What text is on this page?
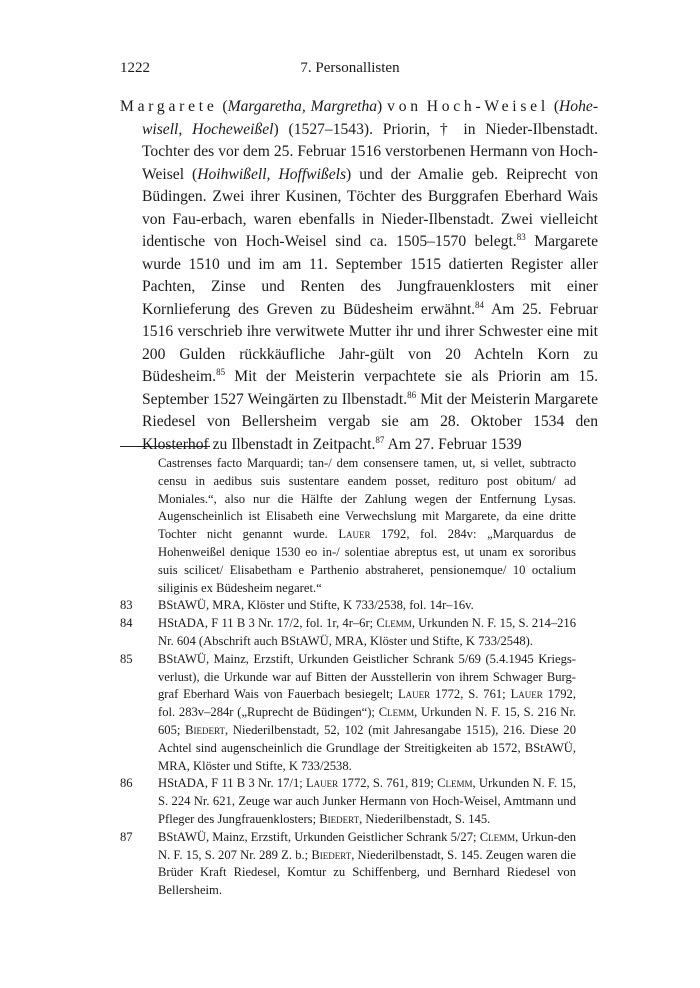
1222	7. Personallisten
Margarete (Margaretha, Margretha) von Hoch-Weisel (Hohe-wisell, Hocheweißel) (1527–1543). Priorin, † in Nieder-Ilbenstadt. Tochter des vor dem 25. Februar 1516 verstorbenen Hermann von Hoch-Weisel (Hoihwißell, Hoffwißels) und der Amalie geb. Reiprecht von Büdingen. Zwei ihrer Kusinen, Töchter des Burggrafen Eberhard Wais von Fau-erbach, waren ebenfalls in Nieder-Ilbenstadt. Zwei vielleicht identische von Hoch-Weisel sind ca. 1505–1570 belegt.$^{83}$ Margarete wurde 1510 und im am 11. September 1515 datierten Register aller Pachten, Zinse und Renten des Jungfrauenklosters mit einer Kornlieferung des Greven zu Büdesheim erwähnt.$^{84}$ Am 25. Februar 1516 verschrieb ihre verwitwete Mutter ihr und ihrer Schwester eine mit 200 Gulden rückkäufliche Jahr-gült von 20 Achteln Korn zu Büdesheim.$^{85}$ Mit der Meisterin verpachtete sie als Priorin am 15. September 1527 Weingärten zu Ilbenstadt.$^{86}$ Mit der Meisterin Margarete Riedesel von Bellersheim vergab sie am 28. Oktober 1534 den Klosterhof zu Ilbenstadt in Zeitpacht.$^{87}$ Am 27. Februar 1539
Castrenses facto Marquardi; tan-/ dem consensere tamen, ut, si vellet, subtracto censu in aedibus suis sustentare eandem posset, redituro post obitum/ ad Moniales.“, also nur die Hälfte der Zahlung wegen der Entfernung Lysas. Augenscheinlich ist Elisabeth eine Verwechslung mit Margarete, da eine dritte Tochter nicht genannt wurde. Lauer 1792, fol. 284v: „Marquardus de Hohenweißel denique 1530 eo in-/ solentiae abreptus est, ut unam ex sororibus suis scilicet/ Elisabetham e Parthenio abstraheret, pensionemque/ 10 octalium siliginis ex Büdesheim negaret.“
83	BStAWÜ, MRA, Klöster und Stifte, K 733/2538, fol. 14r–16v.
84	HStADA, F 11 B 3 Nr. 17/2, fol. 1r, 4r–6r; Clemm, Urkunden N. F. 15, S. 214–216 Nr. 604 (Abschrift auch BStAWÜ, MRA, Klöster und Stifte, K 733/2548).
85	BStAWÜ, Mainz, Erzstift, Urkunden Geistlicher Schrank 5/69 (5.4.1945 Kriegs-verlust), die Urkunde war auf Bitten der Ausstellerin von ihrem Schwager Burg-graf Eberhard Wais von Fauerbach besiegelt; Lauer 1772, S. 761; Lauer 1792, fol. 283v–284r („Ruprecht de Büdingen“); Clemm, Urkunden N. F. 15, S. 216 Nr. 605; Biedert, Niederilbenstadt, 52, 102 (mit Jahresangabe 1515), 216. Diese 20 Achtel sind augenscheinlich die Grundlage der Streitigkeiten ab 1572, BStAWÜ, MRA, Klöster und Stifte, K 733/2538.
86	HStADA, F 11 B 3 Nr. 17/1; Lauer 1772, S. 761, 819; Clemm, Urkunden N. F. 15, S. 224 Nr. 621, Zeuge war auch Junker Hermann von Hoch-Weisel, Amtmann und Pfleger des Jungfrauenklosters; Biedert, Niederilbenstadt, S. 145.
87	BStAWÜ, Mainz, Erzstift, Urkunden Geistlicher Schrank 5/27; Clemm, Urkun-den N. F. 15, S. 207 Nr. 289 Z. b.; Biedert, Niederilbenstadt, S. 145. Zeugen waren die Brüder Kraft Riedesel, Komtur zu Schiffenberg, und Bernhard Riedesel von Bellersheim.
